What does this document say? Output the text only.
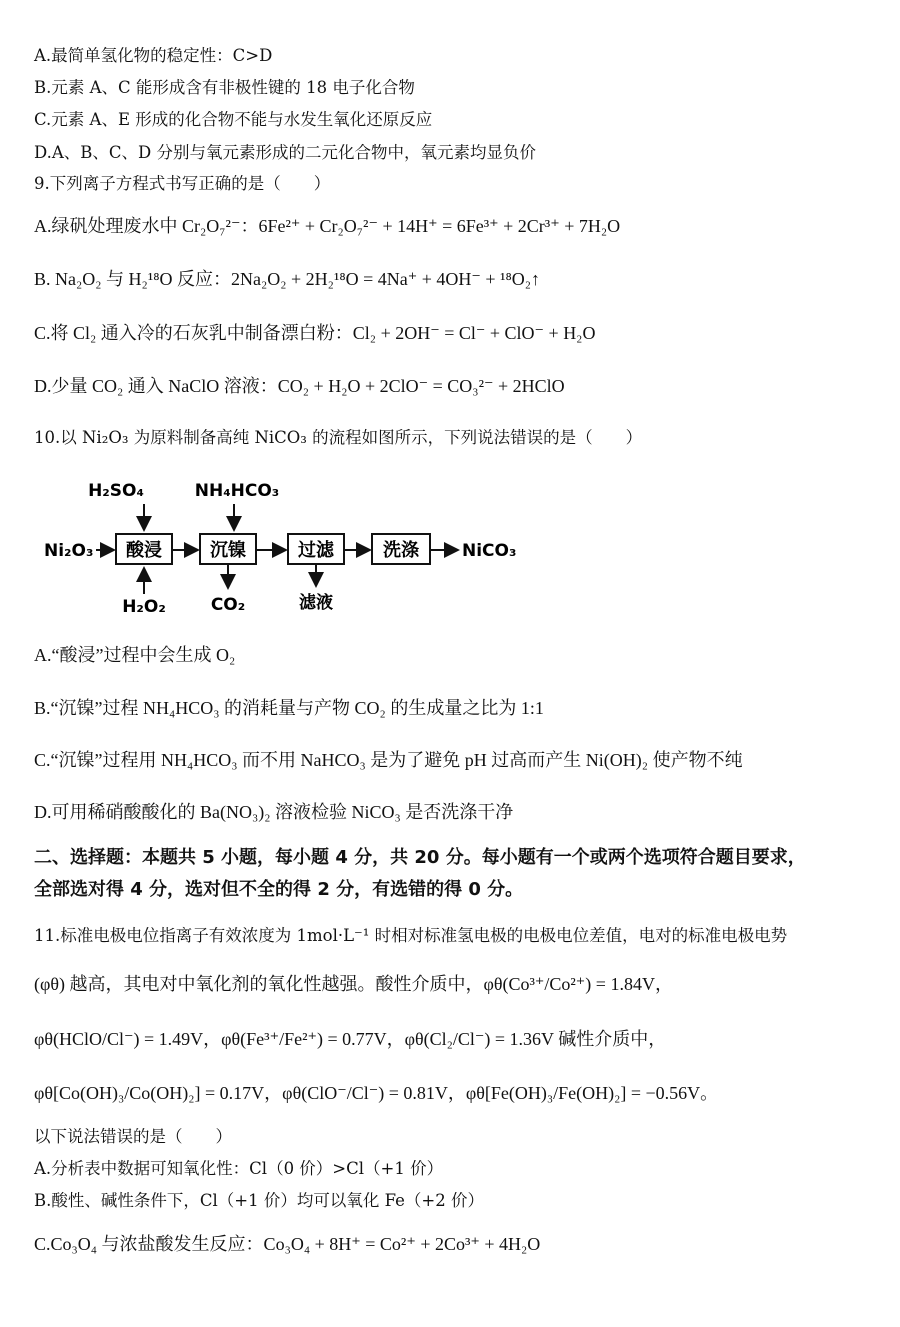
A.最简单氢化物的稳定性：C>D
B.元素 A、C 能形成含有非极性键的 18 电子化合物
C.元素 A、E 形成的化合物不能与水发生氧化还原反应
D.A、B、C、D 分别与氧元素形成的二元化合物中，氧元素均显负价
9.下列离子方程式书写正确的是（　　）
A.绿矾处理废水中 Cr₂O₇²⁻：6Fe²⁺ + Cr₂O₇²⁻ + 14H⁺ = 6Fe³⁺ + 2Cr³⁺ + 7H₂O
B. Na₂O₂ 与 H₂¹⁸O 反应：2Na₂O₂ + 2H₂¹⁸O = 4Na⁺ + 4OH⁻ + ¹⁸O₂↑
C.将 Cl₂ 通入冷的石灰乳中制备漂白粉：Cl₂ + 2OH⁻ = Cl⁻ + ClO⁻ + H₂O
D.少量 CO₂ 通入 NaClO 溶液：CO₂ + H₂O + 2ClO⁻ = CO₃²⁻ + 2HClO
10.以 Ni₂O₃ 为原料制备高纯 NiCO₃ 的流程如图所示，下列说法错误的是（　　）
H₂SO₄	NH₄HCO₃
Ni₂O₃ 酸浸	沉镍	过滤	洗涤	NiCO₃
H₂O₂	CO₂	滤液
A.“酸浸”过程中会生成 O₂
B.“沉镍”过程 NH₄HCO₃ 的消耗量与产物 CO₂ 的生成量之比为 1:1
C.“沉镍”过程用 NH₄HCO₃ 而不用 NaHCO₃ 是为了避免 pH 过高而产生 Ni(OH)₂ 使产物不纯
D.可用稀硝酸酸化的 Ba(NO₃)₂ 溶液检验 NiCO₃ 是否洗涤干净
二、选择题：本题共 5 小题，每小题 4 分，共 20 分。每小题有一个或两个选项符合题目要求，
全部选对得 4 分，选对但不全的得 2 分，有选错的得 0 分。
11.标准电极电位指离子有效浓度为 1mol·L⁻¹ 时相对标准氢电极的电极电位差值，电对的标准电极电势
(φθ) 越高，其电对中氧化剂的氧化性越强。酸性介质中，φθ(Co³⁺/Co²⁺) = 1.84V，
φθ(HClO/Cl⁻) = 1.49V，φθ(Fe³⁺/Fe²⁺) = 0.77V，φθ(Cl₂/Cl⁻) = 1.36V 碱性介质中，
φθ[Co(OH)₃/Co(OH)₂] = 0.17V，φθ(ClO⁻/Cl⁻) = 0.81V，φθ[Fe(OH)₃/Fe(OH)₂] = −0.56V。
以下说法错误的是（　　）
A.分析表中数据可知氧化性：Cl（0 价）>Cl（+1 价）
B.酸性、碱性条件下，Cl（+1 价）均可以氧化 Fe（+2 价）
C.Co₃O₄ 与浓盐酸发生反应：Co₃O₄ + 8H⁺ = Co²⁺ + 2Co³⁺ + 4H₂O
